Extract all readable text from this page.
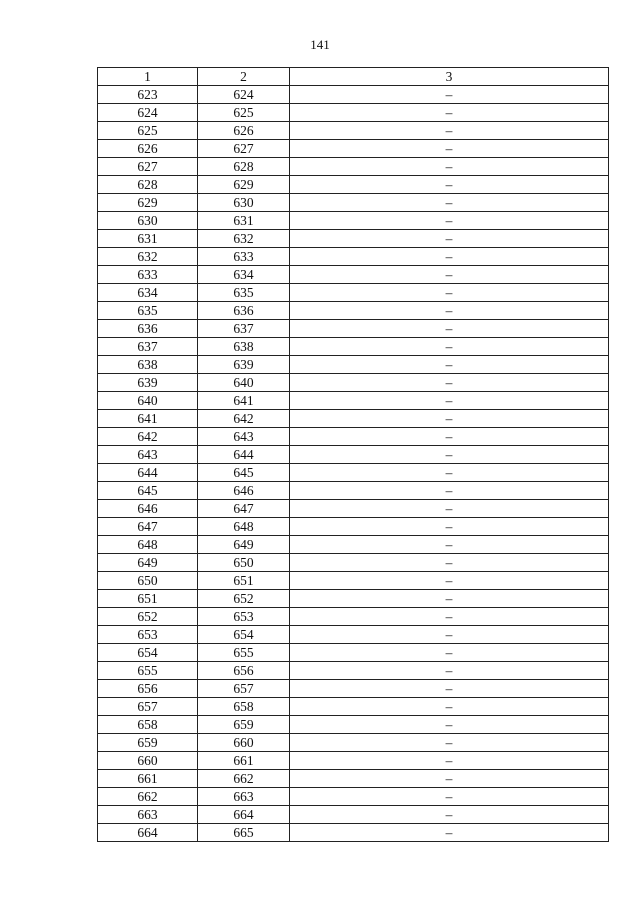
141
1	2	3
623	624	–
624	625	–
625	626	–
626	627	–
627	628	–
628	629	–
629	630	–
630	631	–
631	632	–
632	633	–
633	634	–
634	635	–
635	636	–
636	637	–
637	638	–
638	639	–
639	640	–
640	641	–
641	642	–
642	643	–
643	644	–
644	645	–
645	646	–
646	647	–
647	648	–
648	649	–
649	650	–
650	651	–
651	652	–
652	653	–
653	654	–
654	655	–
655	656	–
656	657	–
657	658	–
658	659	–
659	660	–
660	661	–
661	662	–
662	663	–
663	664	–
664	665	–
